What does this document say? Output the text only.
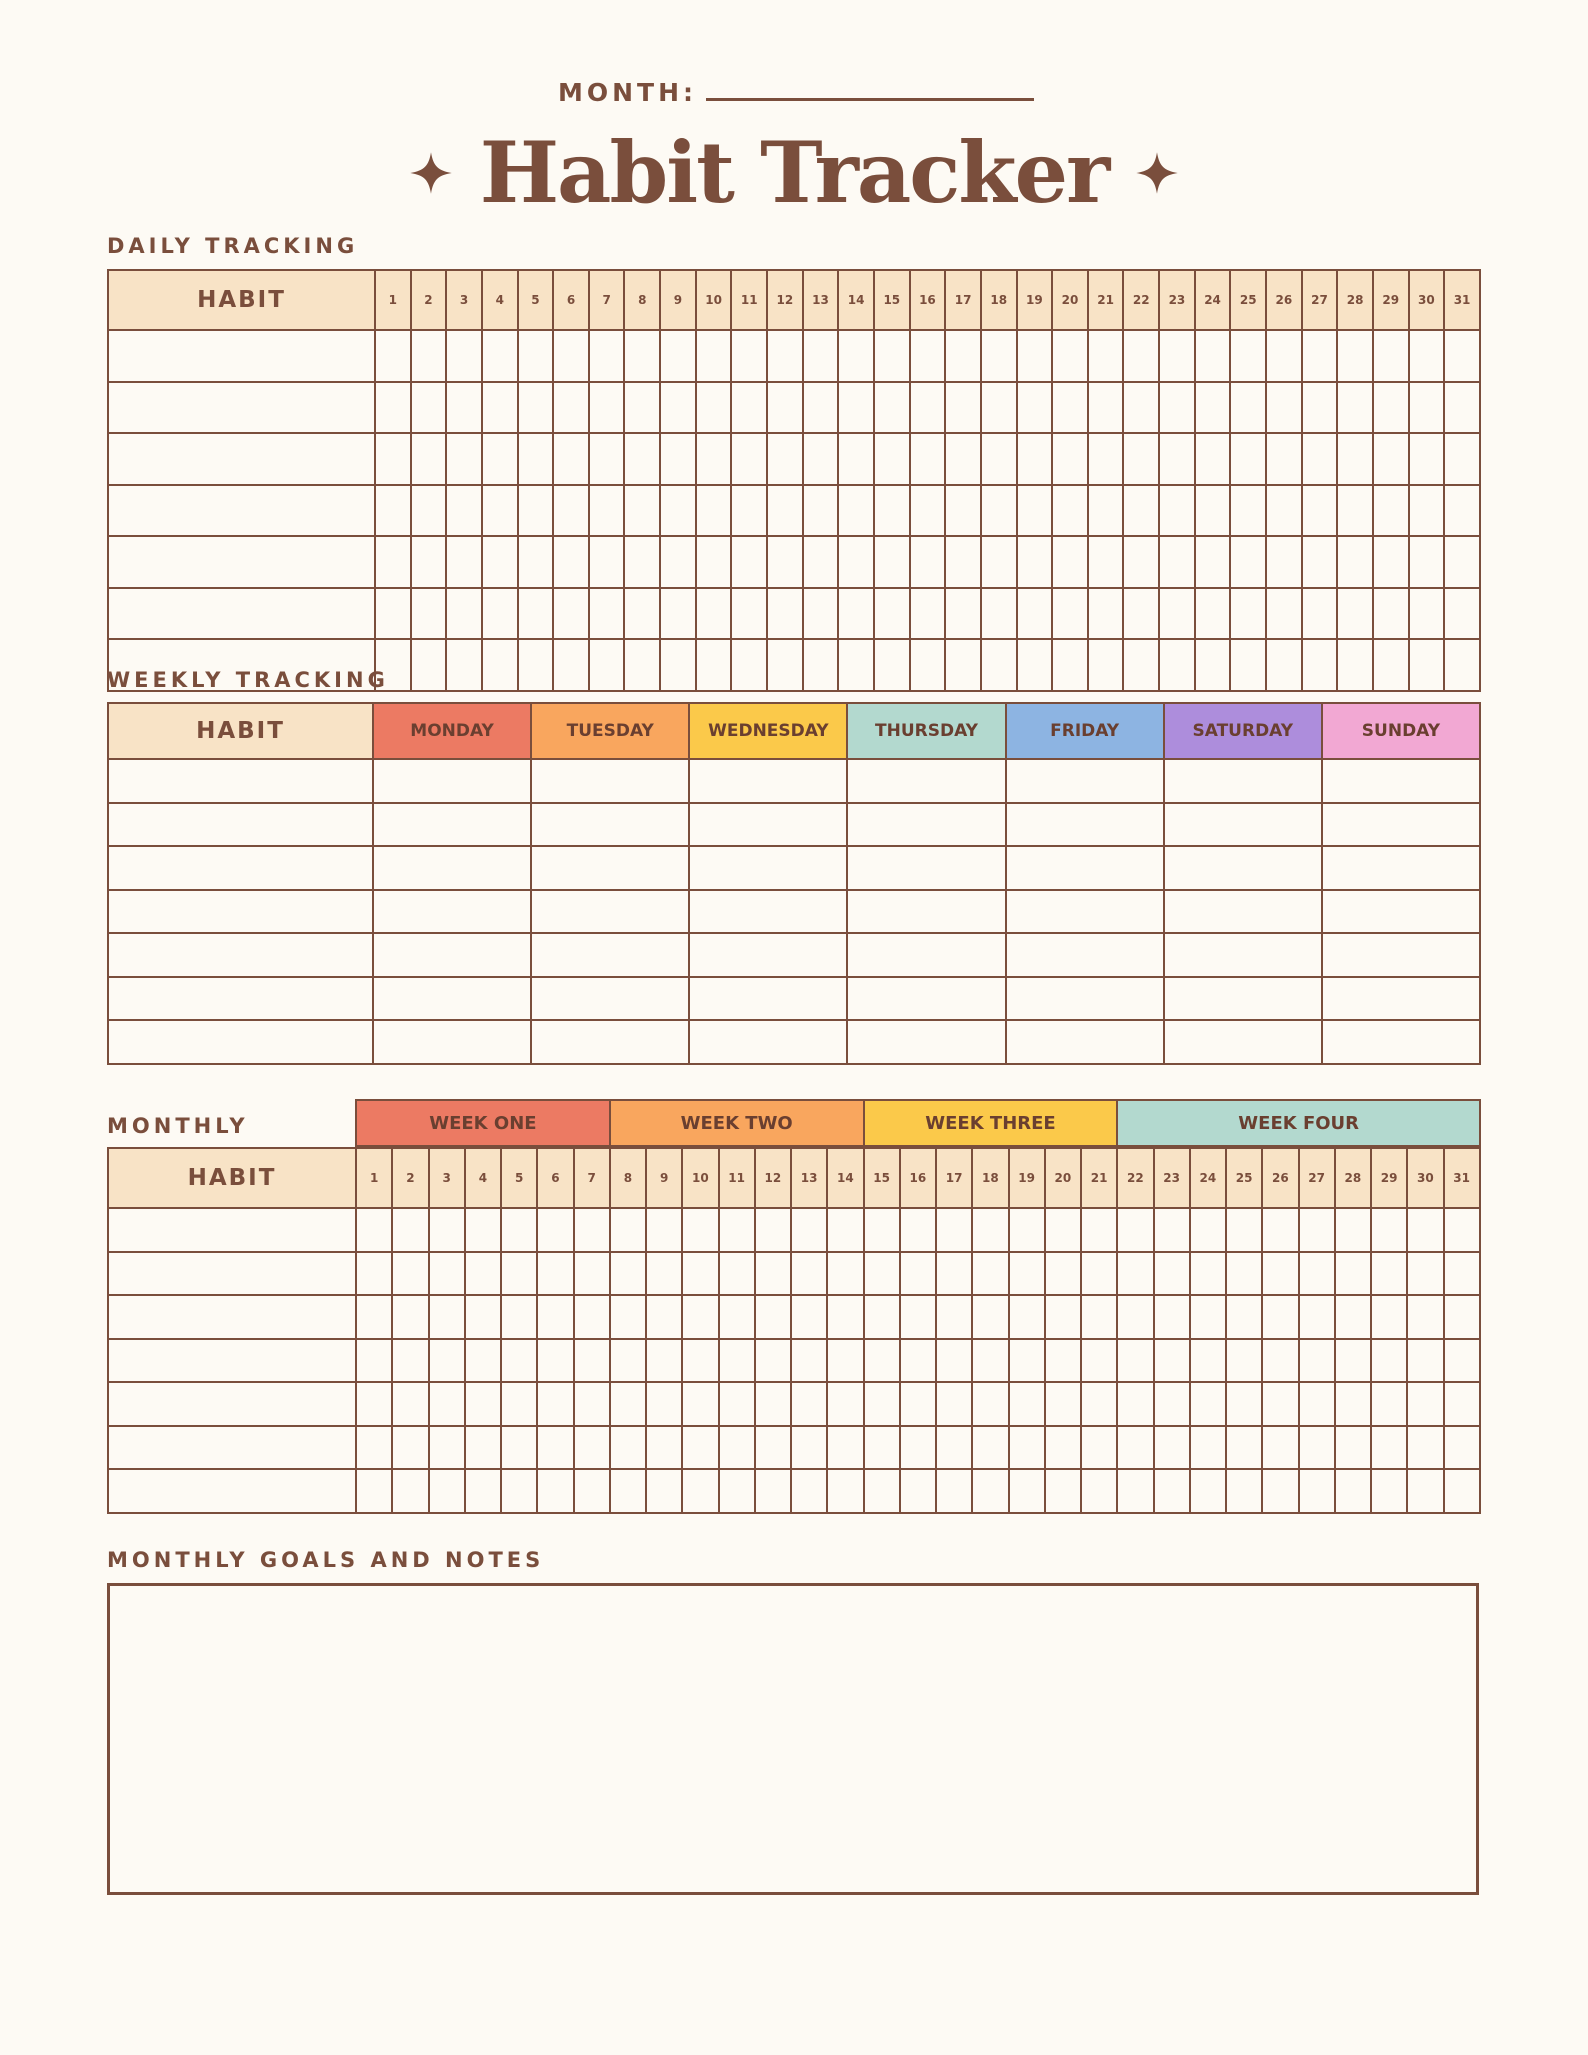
MONTH:
Habit Tracker
DAILY TRACKING
HABIT	1	2	3	4	5	6	7	8	9	10	11	12	13	14	15	16	17	18	19	20	21	22	23	24	25	26	27	28	29	30	31

WEEKLY TRACKING
HABIT	MONDAY	TUESDAY	WEDNESDAY	THURSDAY	FRIDAY	SATURDAY	SUNDAY

MONTHLY	WEEK ONE	WEEK TWO	WEEK THREE	WEEK FOUR
HABIT	1	2	3	4	5	6	7	8	9	10	11	12	13	14	15	16	17	18	19	20	21	22	23	24	25	26	27	28	29	30	31

MONTHLY GOALS AND NOTES
